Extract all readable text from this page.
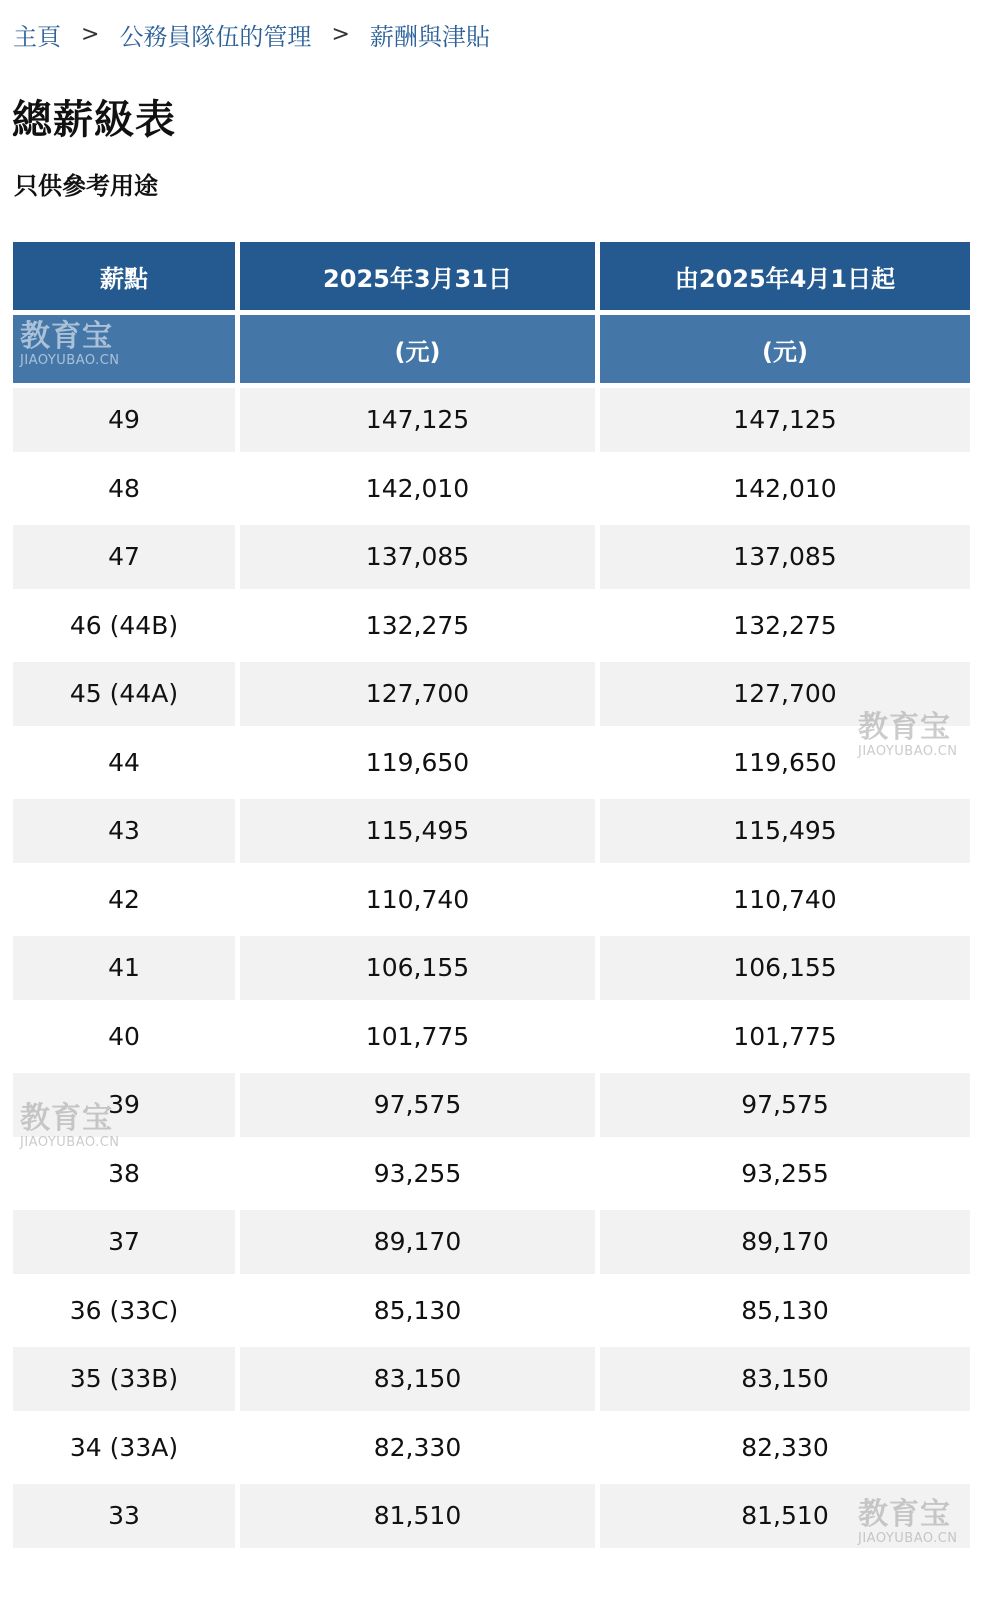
主頁 > 公務員隊伍的管理 > 薪酬與津貼
總薪級表
只供參考用途
薪點	2025年3月31日	由2025年4月1日起
	(元)	(元)
49	147,125	147,125
48	142,010	142,010
47	137,085	137,085
46 (44B)	132,275	132,275
45 (44A)	127,700	127,700
44	119,650	119,650
43	115,495	115,495
42	110,740	110,740
41	106,155	106,155
40	101,775	101,775
39	97,575	97,575
38	93,255	93,255
37	89,170	89,170
36 (33C)	85,130	85,130
35 (33B)	83,150	83,150
34 (33A)	82,330	82,330
33	81,510	81,510
教育宝
JIAOYUBAO.CN
教育宝
JIAOYUBAO.CN
教育宝
JIAOYUBAO.CN
教育宝
JIAOYUBAO.CN
